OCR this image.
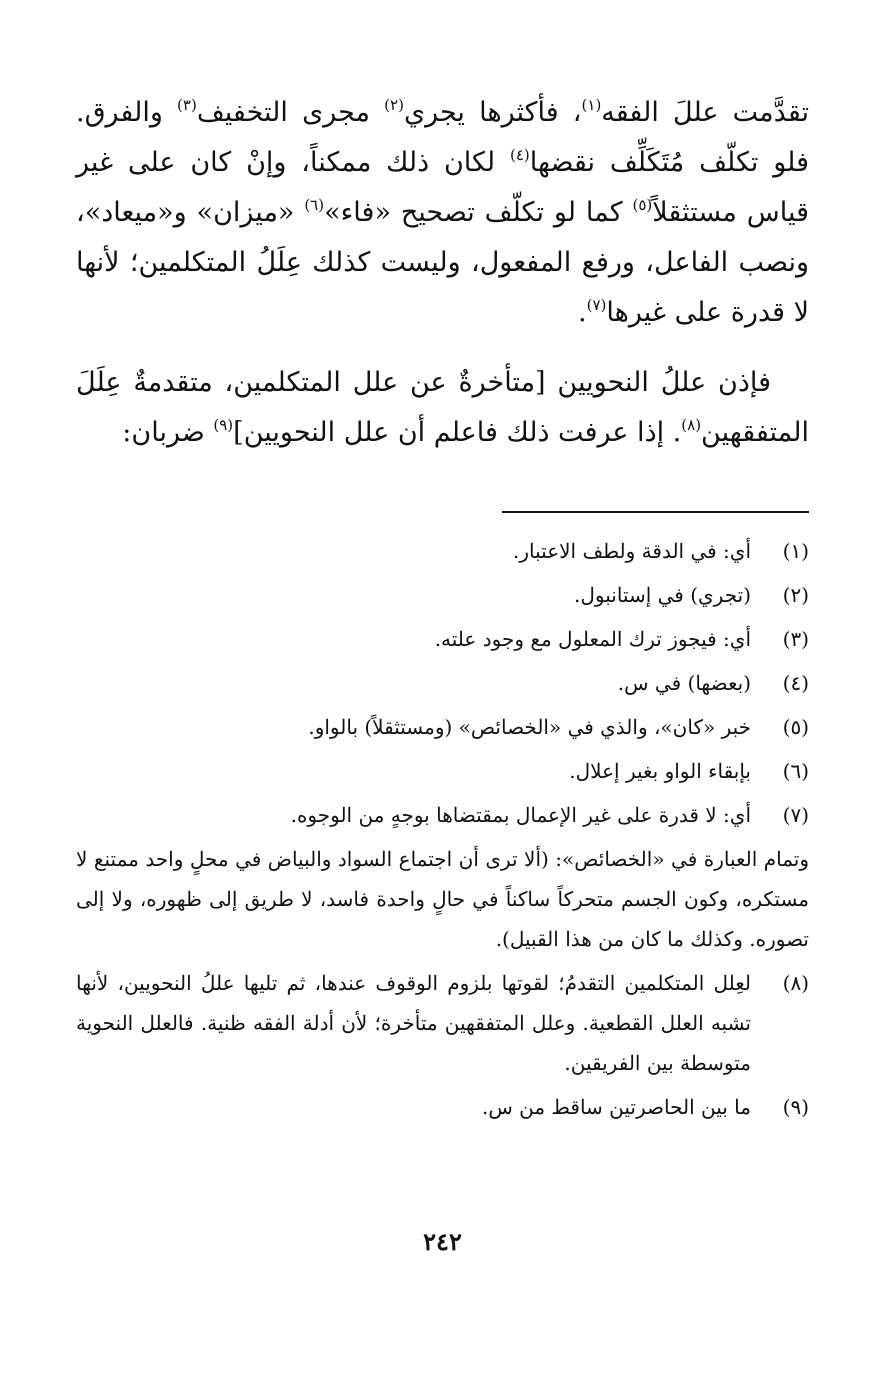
تقدَّمت عللَ الفقه$^{(١)}$، فأكثرها يجري$^{(٢)}$ مجرى التخفيف$^{(٣)}$ والفرق. فلو تكلّف مُتَكَلِّف نقضها$^{(٤)}$ لكان ذلك ممكناً، وإنْ كان على غير قياس مستثقلاً$^{(٥)}$ كما لو تكلّف تصحيح «فاء»$^{(٦)}$ «ميزان» و«ميعاد»، ونصب الفاعل، ورفع المفعول، وليست كذلك عِلَلُ المتكلمين؛ لأنها لا قدرة على غيرها$^{(٧)}$.

فإذن عللُ النحويين [متأخرةٌ عن علل المتكلمين، متقدمةٌ عِلَلَ المتفقهين$^{(٨)}$. إذا عرفت ذلك فاعلم أن علل النحويين]$^{(٩)}$ ضربان:

(١)
أي: في الدقة ولطف الاعتبار.
(٢)
(تجري) في إستانبول.
(٣)
أي: فيجوز ترك المعلول مع وجود علته.
(٤)
(بعضها) في س.
(٥)
خبر «كان»، والذي في «الخصائص» (ومستثقلاً) بالواو.
(٦)
بإبقاء الواو بغير إعلال.
(٧)
أي: لا قدرة على غير الإعمال بمقتضاها بوجهٍ من الوجوه.
وتمام العبارة في «الخصائص»: (ألا ترى أن اجتماع السواد والبياض في محلٍ واحد ممتنع لا مستكره، وكون الجسم متحركاً ساكناً في حالٍ واحدة فاسد، لا طريق إلى ظهوره، ولا إلى تصوره. وكذلك ما كان من هذا القبيل).
(٨)
لعِلل المتكلمين التقدمُ؛ لقوتها بلزوم الوقوف عندها، ثم تليها عللُ النحويين، لأنها تشبه العلل القطعية. وعلل المتفقهين متأخرة؛ لأن أدلة الفقه ظنية. فالعلل النحوية متوسطة بين الفريقين.
(٩)
ما بين الحاصرتين ساقط من س.
٢٤٢
